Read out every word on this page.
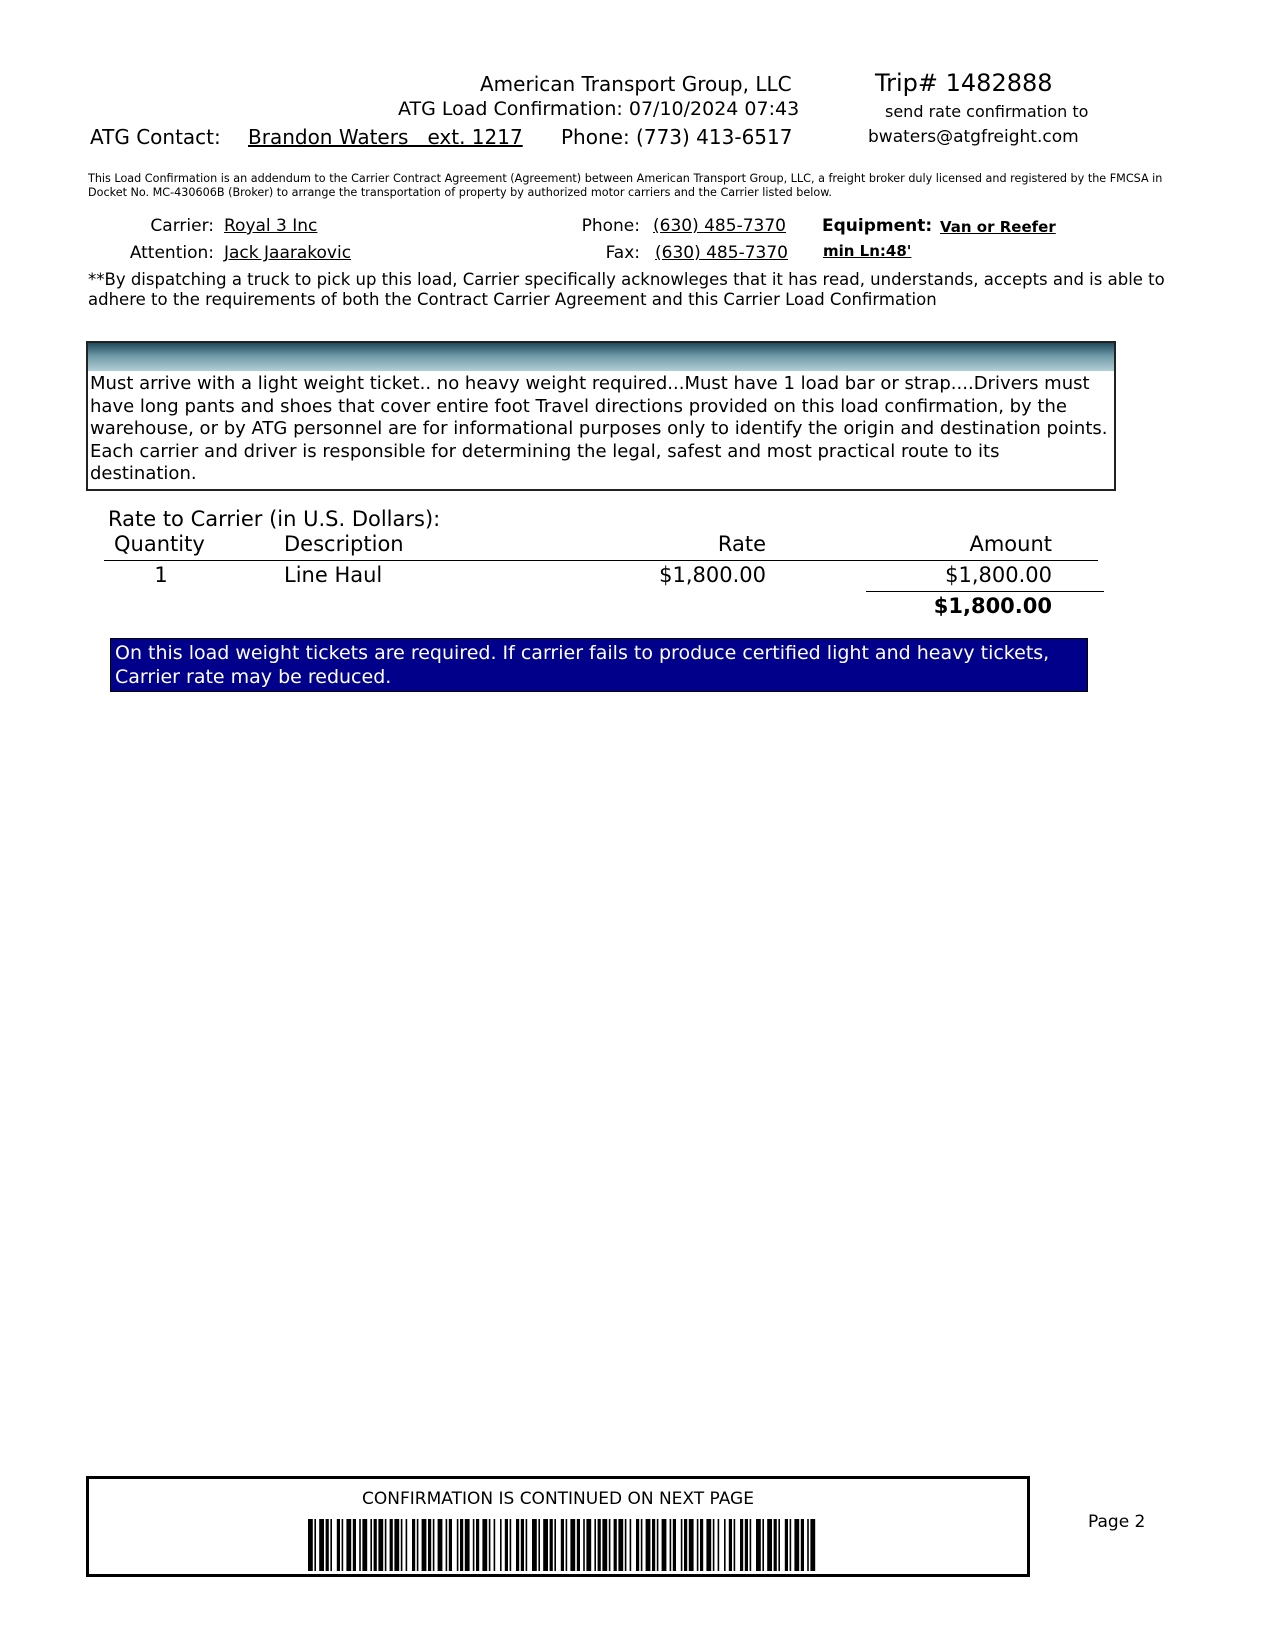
American Transport Group, LLC	Trip# 1482888
ATG Load Confirmation: 07/10/2024 07:43	send rate confirmation to
ATG Contact: Brandon Waters   ext. 1217 Phone: (773) 413-6517	bwaters@atgfreight.com
This Load Confirmation is an addendum to the Carrier Contract Agreement (Agreement) between American Transport Group, LLC, a freight broker duly licensed and registered by the FMCSA in Docket No. MC-430606B (Broker) to arrange the transportation of property by authorized motor carriers and the Carrier listed below.
Carrier: Royal 3 Inc
Attention: Jack Jaarakovic
Phone: (630) 485-7370
Fax: (630) 485-7370
Equipment: Van or Reefer
min Ln:48'
**By dispatching a truck to pick up this load, Carrier specifically acknowleges that it has read, understands, accepts and is able to adhere to the requirements of both the Contract Carrier Agreement and this Carrier Load Confirmation
Must arrive with a light weight ticket.. no heavy weight required...Must have 1 load bar or strap....Drivers must have long pants and shoes that cover entire foot Travel directions provided on this load confirmation, by the warehouse, or by ATG personnel are for informational purposes only to identify the origin and destination points. Each carrier and driver is responsible for determining the legal, safest and most practical route to its destination.
Rate to Carrier (in U.S. Dollars):
Quantity	Description	Rate	Amount
1	Line Haul	$1,800.00	$1,800.00
$1,800.00
On this load weight tickets are required. If carrier fails to produce certified light and heavy tickets, Carrier rate may be reduced.
CONFIRMATION IS CONTINUED ON NEXT PAGE
Page 2
